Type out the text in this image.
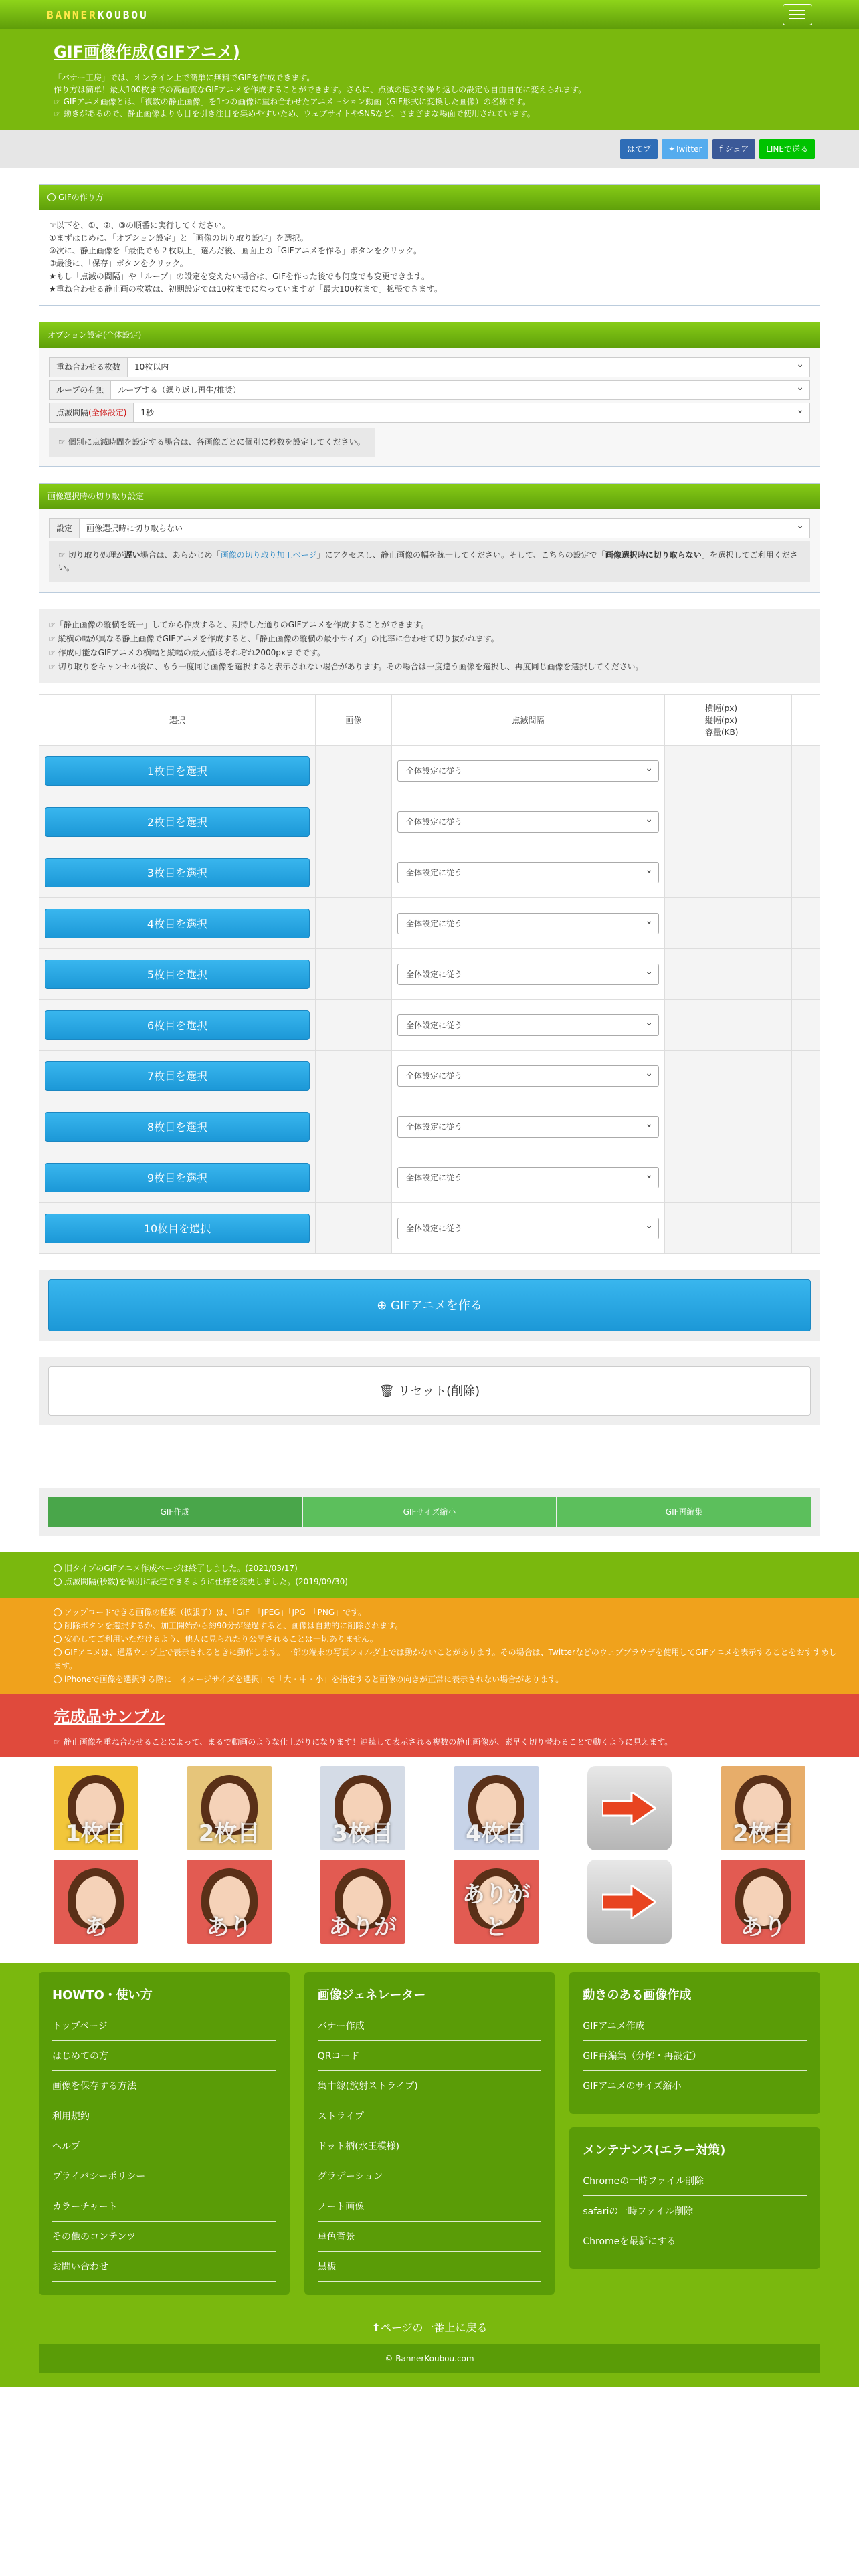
BANNERKOUBOU
GIF画像作成(GIFアニメ)

「バナー工房」では、オンライン上で簡単に無料でGIFを作成できます。

作り方は簡単！最大100枚までの高画質なGIFアニメを作成することができます。さらに、点滅の速さや繰り返しの設定も自由自在に変えられます。

☞ GIFアニメ画像とは、「複数の静止画像」を1つの画像に重ね合わせたアニメーション動画（GIF形式に変換した画像）の名称です。

☞ 動きがあるので、静止画像よりも目を引き注目を集めやすいため、ウェブサイトやSNSなど、さまざまな場面で使用されています。

はてブ	✦Twitter	f シェア	LINEで送る
GIFの作り方
☞以下を、①、②、③の順番に実行してください。
①まずはじめに、「オプション設定」と「画像の切り取り設定」を選択。
②次に、静止画像を「最低でも２枚以上」選んだ後、画面上の「GIFアニメを作る」ボタンをクリック。
③最後に、「保存」ボタンをクリック。
★もし「点滅の間隔」や「ループ」の設定を変えたい場合は、GIFを作った後でも何度でも変更できます。
★重ね合わせる静止画の枚数は、初期設定では10枚までになっていますが「最大100枚まで」拡張できます。
オプション設定(全体設定)
重ね合わせる枚数	10枚以内 ⌄
ループの有無	ループする（繰り返し再生/推奨） ⌄
点滅間隔(全体設定)	1秒 ⌄
☞ 個別に点滅時間を設定する場合は、各画像ごとに個別に秒数を設定してください。
画像選択時の切り取り設定
設定	画像選択時に切り取らない ⌄
☞ 切り取り処理が遅い場合は、あらかじめ「画像の切り取り加工ページ」にアクセスし、静止画像の幅を統一してください。そして、こちらの設定で「画像選択時に切り取らない」を選択してご利用ください。
☞「静止画像の縦横を統一」してから作成すると、期待した通りのGIFアニメを作成することができます。
☞ 縦横の幅が異なる静止画像でGIFアニメを作成すると、「静止画像の縦横の最小サイズ」の比率に合わせて切り抜かれます。
☞ 作成可能なGIFアニメの横幅と縦幅の最大値はそれぞれ2000pxまでです。
☞ 切り取りをキャンセル後に、もう一度同じ画像を選択すると表示されない場合があります。その場合は一度違う画像を選択し、再度同じ画像を選択してください。
選択	画像	点滅間隔	横幅(px)
縦幅(px)
容量(KB)	

1枚目を選択		全体設定に従う ⌄

2枚目を選択		全体設定に従う ⌄

3枚目を選択		全体設定に従う ⌄

4枚目を選択		全体設定に従う ⌄

5枚目を選択		全体設定に従う ⌄

6枚目を選択		全体設定に従う ⌄

7枚目を選択		全体設定に従う ⌄

8枚目を選択		全体設定に従う ⌄

9枚目を選択		全体設定に従う ⌄

10枚目を選択		全体設定に従う ⌄

⊕ GIFアニメを作る
🗑 リセット(削除)
GIF作成	GIFサイズ縮小	GIF再編集
旧タイプのGIFアニメ作成ページは終了しました。(2021/03/17)
点滅間隔(秒数)を個別に設定できるように仕様を変更しました。(2019/09/30)
アップロードできる画像の種類（拡張子）は、「GIF」「JPEG」「JPG」「PNG」です。
削除ボタンを選択するか、加工開始から約90分が経過すると、画像は自動的に削除されます。
安心してご利用いただけるよう、他人に見られたり公開されることは一切ありません。
GIFアニメは、通常ウェブ上で表示されるときに動作します。一部の端末の写真フォルダ上では動かないことがあります。その場合は、Twitterなどのウェブブラウザを使用してGIFアニメを表示することをおすすめします。
iPhoneで画像を選択する際に「イメージサイズを選択」で「大・中・小」を指定すると画像の向きが正常に表示されない場合があります。
完成品サンプル

☞ 静止画像を重ね合わせることによって、まるで動画のような仕上がりになります！連続して表示される複数の静止画像が、素早く切り替わることで動くように見えます。

1枚目	2枚目	3枚目	4枚目	2枚目
あ	あり	ありが
ありがと	あり
HOWTO・使い方
トップページ
はじめての方
画像を保存する方法
利用規約
ヘルプ
プライバシーポリシー
カラーチャート
その他のコンテンツ
お問い合わせ
画像ジェネレーター
バナー作成
QRコード
集中線(放射ストライプ)
ストライプ
ドット柄(水玉模様)
グラデーション
ノート画像
単色背景
黒板
動きのある画像作成
GIFアニメ作成
GIF再編集（分解・再設定）
GIFアニメのサイズ縮小
メンテナンス(エラー対策)
Chromeの一時ファイル削除
safariの一時ファイル削除
Chromeを最新にする
⬆ページの一番上に戻る
© BannerKoubou.com
